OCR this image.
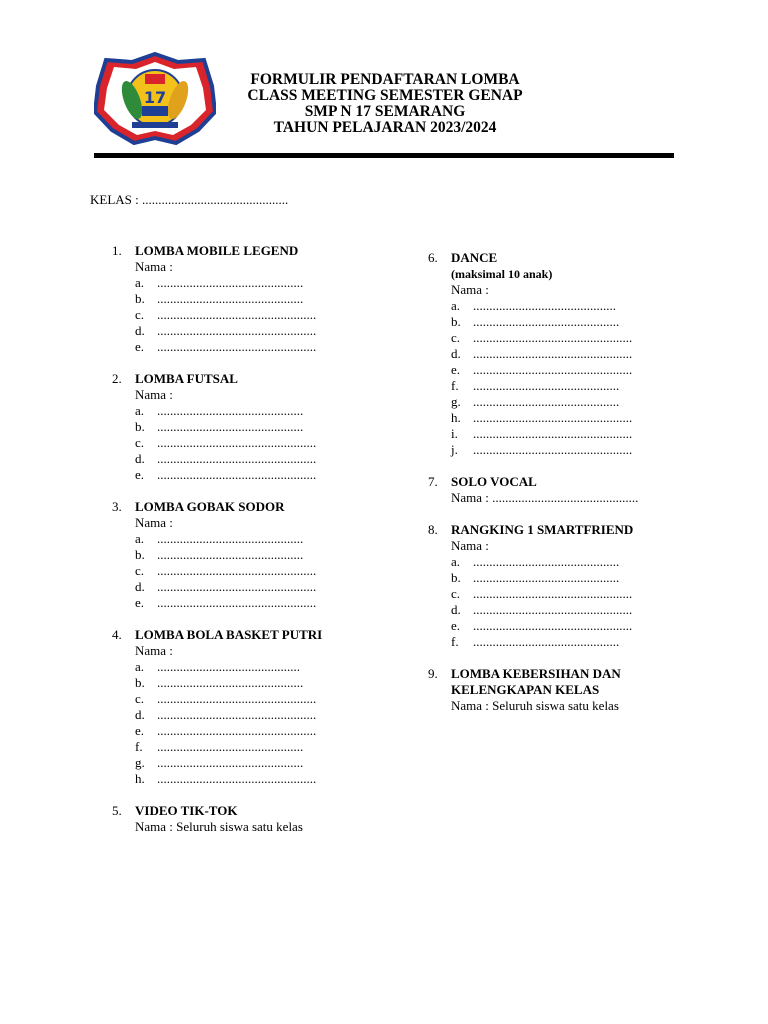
17
FORMULIR PENDAFTARAN LOMBA
CLASS MEETING SEMESTER GENAP
SMP N 17 SEMARANG
TAHUN PELAJARAN 2023/2024
KELAS : .............................................
1.	LOMBA MOBILE LEGEND
Nama :
a. .............................................
b. .............................................
c. .................................................
d. .................................................
e. .................................................
2.	LOMBA FUTSAL
Nama :
a. .............................................
b. .............................................
c. .................................................
d. .................................................
e. .................................................
3.	LOMBA GOBAK SODOR
Nama :
a. .............................................
b. .............................................
c. .................................................
d. .................................................
e. .................................................
4.	LOMBA BOLA BASKET PUTRI
Nama :
a. ............................................
b. .............................................
c. .................................................
d. .................................................
e. .................................................
f. .............................................
g. .............................................
h. .................................................
5.	VIDEO TIK-TOK
Nama : Seluruh siswa satu kelas
6.	DANCE
(maksimal 10 anak)
Nama :
a. ............................................
b. .............................................
c. .................................................
d. .................................................
e. .................................................
f. .............................................
g. .............................................
h. .................................................
i. .................................................
j. .................................................
7.	SOLO VOCAL
Nama : .............................................
8.	RANGKING 1 SMARTFRIEND
Nama :
a. .............................................
b. .............................................
c. .................................................
d. .................................................
e. .................................................
f. .............................................
9.	LOMBA KEBERSIHAN DAN KELENGKAPAN KELAS
Nama : Seluruh siswa satu kelas
